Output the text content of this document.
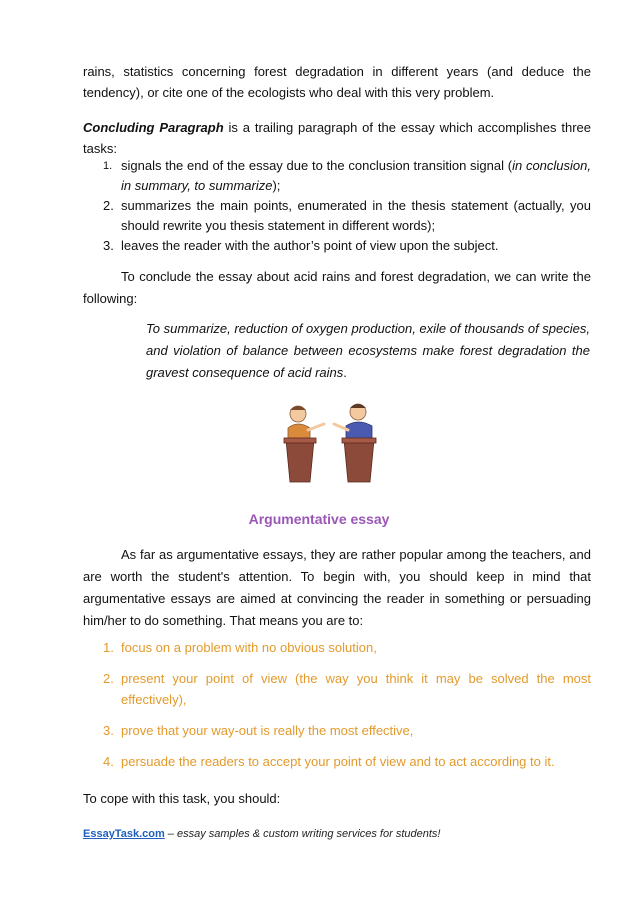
rains, statistics concerning forest degradation in different years (and deduce the tendency), or cite one of the ecologists who deal with this very problem.

Concluding Paragraph is a trailing paragraph of the essay which accomplishes three tasks:

1. signals the end of the essay due to the conclusion transition signal (in conclusion, in summary, to summarize);
2. summarizes the main points, enumerated in the thesis statement (actually, you should rewrite you thesis statement in different words);
3. leaves the reader with the author’s point of view upon the subject.

To conclude the essay about acid rains and forest degradation, we can write the following:

To summarize, reduction of oxygen production, exile of thousands of species, and violation of balance between ecosystems make forest degradation the gravest consequence of acid rains.

Argumentative essay

As far as argumentative essays, they are rather popular among the teachers, and are worth the student's attention. To begin with, you should keep in mind that argumentative essays are aimed at convincing the reader in something or persuading him/her to do something. That means you are to:

1. focus on a problem with no obvious solution,
2. present your point of view (the way you think it may be solved the most effectively),
3. prove that your way-out is really the most effective,
4. persuade the readers to accept your point of view and to act according to it.

To cope with this task, you should:

EssayTask.com – essay samples & custom writing services for students!
